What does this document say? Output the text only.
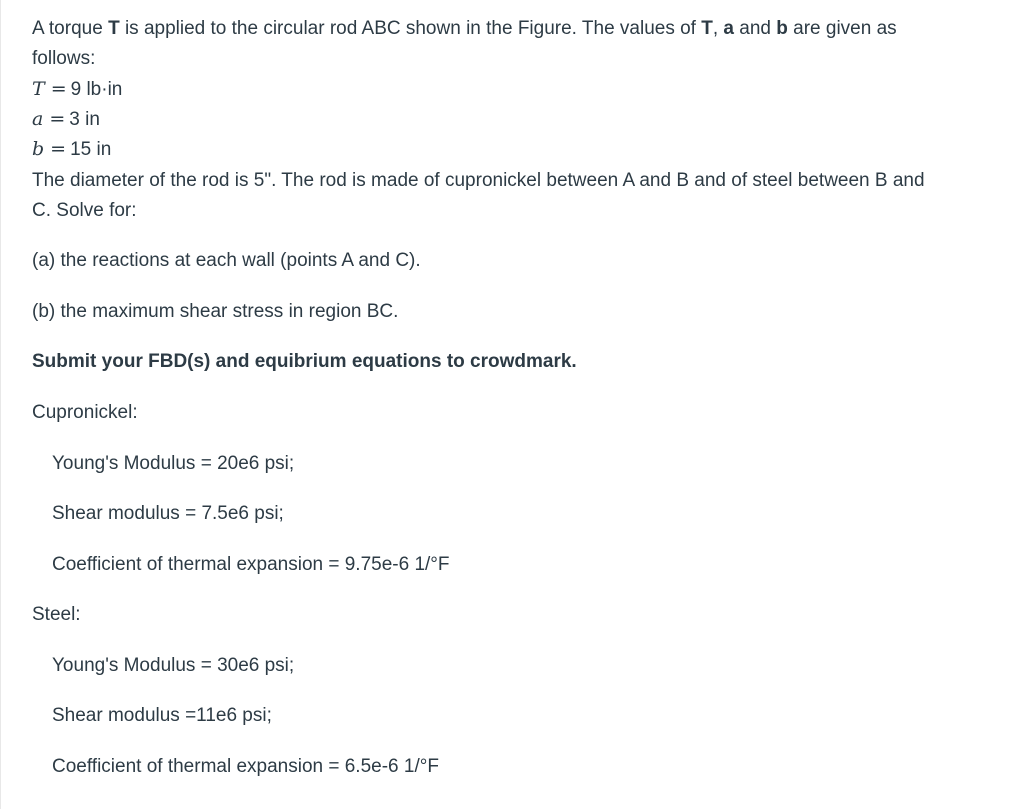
A torque T is applied to the circular rod ABC shown in the Figure. The values of T, a and b are given as

follows:

T = 9 lb·in

a = 3 in

b = 15 in

The diameter of the rod is 5". The rod is made of cupronickel between A and B and of steel between B and

C. Solve for:

(a) the reactions at each wall (points A and C).

(b) the maximum shear stress in region BC.

Submit your FBD(s) and equibrium equations to crowdmark.

Cupronickel:

Young's Modulus = 20e6 psi;

Shear modulus = 7.5e6 psi;

Coefficient of thermal expansion = 9.75e-6 1/°F

Steel:

Young's Modulus = 30e6 psi;

Shear modulus =11e6 psi;

Coefficient of thermal expansion = 6.5e-6 1/°F
